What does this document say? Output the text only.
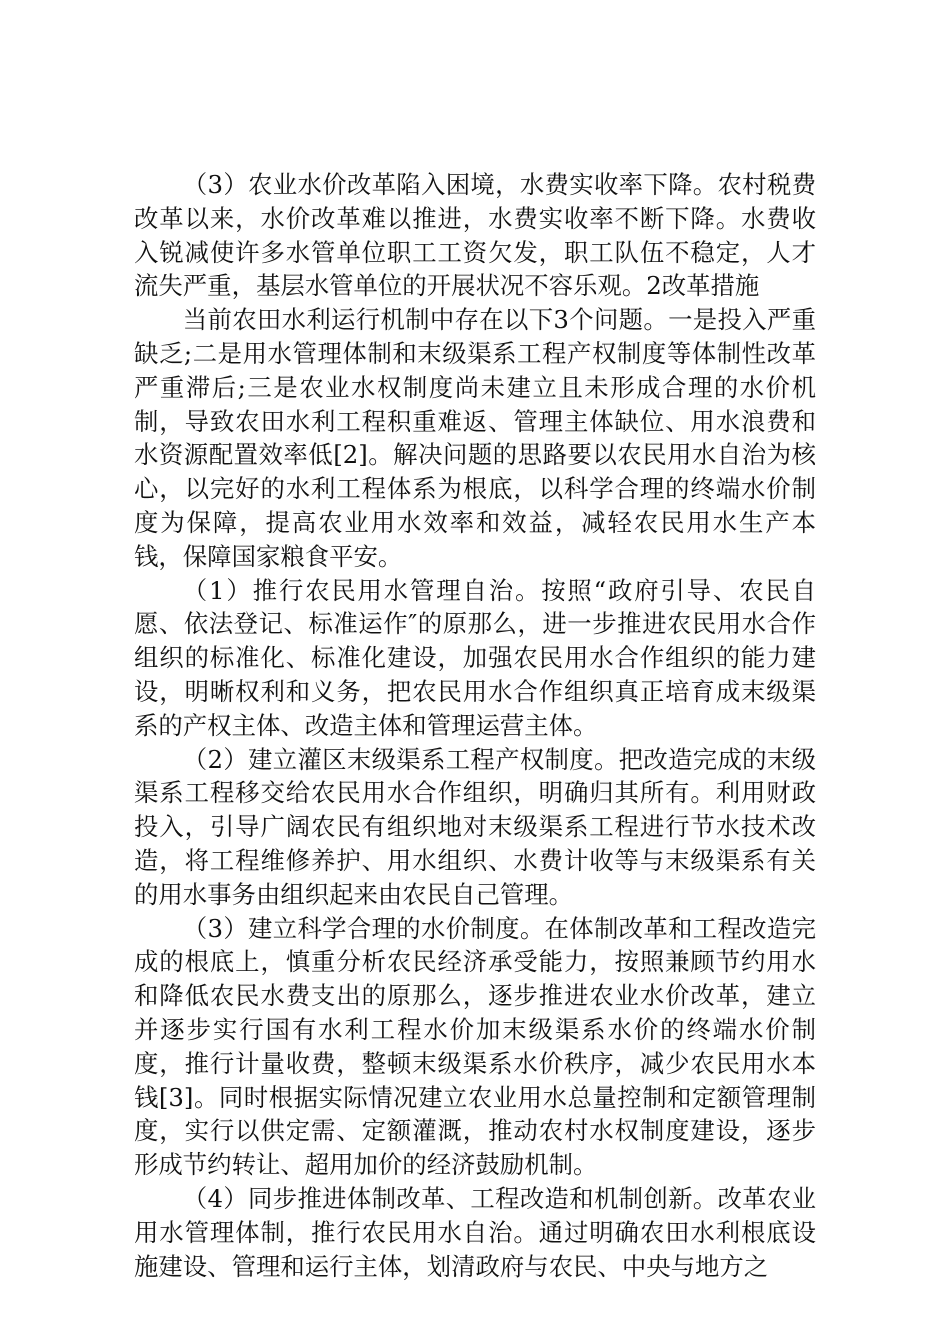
（3）农业水价改革陷入困境，水费实收率下降。农村税费改革以来，水价改革难以推进，水费实收率不断下降。水费收入锐减使许多水管单位职工工资欠发，职工队伍不稳定，人才流失严重，基层水管单位的开展状况不容乐观。2改革措施

当前农田水利运行机制中存在以下3个问题。一是投入严重缺乏;二是用水管理体制和末级渠系工程产权制度等体制性改革严重滞后;三是农业水权制度尚未建立且未形成合理的水价机制，导致农田水利工程积重难返、管理主体缺位、用水浪费和水资源配置效率低[2]。解决问题的思路要以农民用水自治为核心，以完好的水利工程体系为根底，以科学合理的终端水价制度为保障，提高农业用水效率和效益，减轻农民用水生产本钱，保障国家粮食平安。

（1）推行农民用水管理自治。按照“政府引导、农民自愿、依法登记、标准运作″的原那么，进一步推进农民用水合作组织的标准化、标准化建设，加强农民用水合作组织的能力建设，明晰权利和义务，把农民用水合作组织真正培育成末级渠系的产权主体、改造主体和管理运营主体。

（2）建立灌区末级渠系工程产权制度。把改造完成的末级渠系工程移交给农民用水合作组织，明确归其所有。利用财政投入，引导广阔农民有组织地对末级渠系工程进行节水技术改造，将工程维修养护、用水组织、水费计收等与末级渠系有关的用水事务由组织起来由农民自己管理。

（3）建立科学合理的水价制度。在体制改革和工程改造完成的根底上，慎重分析农民经济承受能力，按照兼顾节约用水和降低农民水费支出的原那么，逐步推进农业水价改革，建立并逐步实行国有水利工程水价加末级渠系水价的终端水价制度，推行计量收费，整顿末级渠系水价秩序，减少农民用水本钱[3]。同时根据实际情况建立农业用水总量控制和定额管理制度，实行以供定需、定额灌溉，推动农村水权制度建设，逐步形成节约转让、超用加价的经济鼓励机制。

（4）同步推进体制改革、工程改造和机制创新。改革农业用水管理体制，推行农民用水自治。通过明确农田水利根底设施建设、管理和运行主体，划清政府与农民、中央与地方之
